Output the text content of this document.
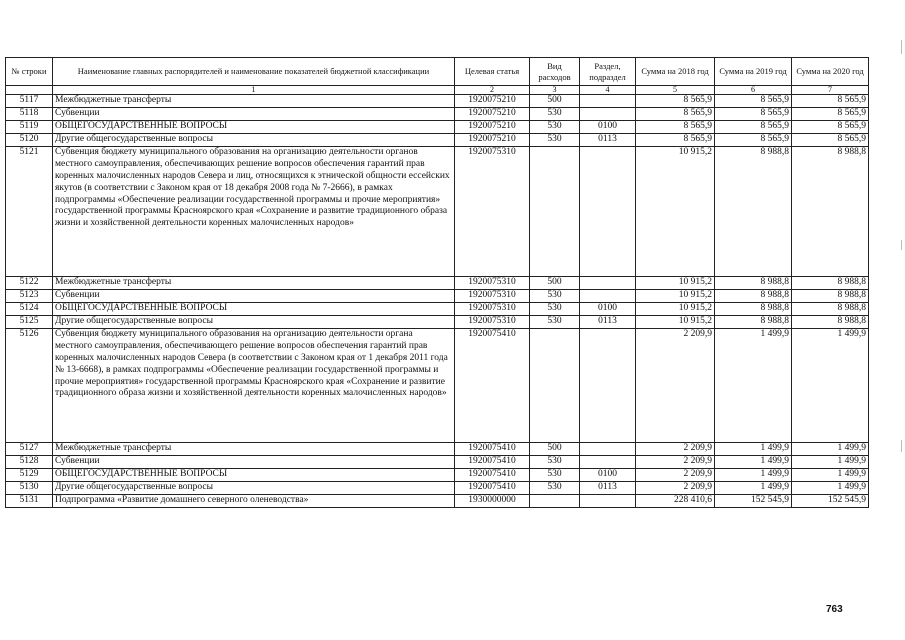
№ строки	Наименование главных распорядителей и наименование показателей бюджетной классификации	Целевая статья	Вид расходов	Раздел, подраздел	Сумма на 2018 год	Сумма на 2019 год	Сумма на 2020 год
	1	2	3	4	5	6	7
5117	Межбюджетные трансферты	1920075210	500		8 565,9	8 565,9	8 565,9
5118	Субвенции	1920075210	530		8 565,9	8 565,9	8 565,9
5119	ОБЩЕГОСУДАРСТВЕННЫЕ ВОПРОСЫ	1920075210	530	0100	8 565,9	8 565,9	8 565,9
5120	Другие общегосударственные вопросы	1920075210	530	0113	8 565,9	8 565,9	8 565,9
5121	Субвенция бюджету муниципального образования на организацию деятельности органов местного самоуправления, обеспечивающих решение вопросов обеспечения гарантий прав коренных малочисленных народов Севера и лиц, относящихся к этнической общности ессейских якутов (в соответствии с Законом края от 18 декабря 2008 года № 7-2666), в рамках подпрограммы «Обеспечение реализации государственной программы и прочие мероприятия» государственной программы Красноярского края «Сохранение и развитие традиционного образа жизни и хозяйственной деятельности коренных малочисленных народов»	1920075310			10 915,2	8 988,8	8 988,8
5122	Межбюджетные трансферты	1920075310	500		10 915,2	8 988,8	8 988,8
5123	Субвенции	1920075310	530		10 915,2	8 988,8	8 988,8
5124	ОБЩЕГОСУДАРСТВЕННЫЕ ВОПРОСЫ	1920075310	530	0100	10 915,2	8 988,8	8 988,8
5125	Другие общегосударственные вопросы	1920075310	530	0113	10 915,2	8 988,8	8 988,8
5126	Субвенция бюджету муниципального образования на организацию деятельности органа местного самоуправления, обеспечивающего решение вопросов обеспечения гарантий прав коренных малочисленных народов Севера (в соответствии с Законом края от 1 декабря 2011 года № 13-6668), в рамках подпрограммы «Обеспечение реализации государственной программы и прочие мероприятия» государственной программы Красноярского края «Сохранение и развитие традиционного образа жизни и хозяйственной деятельности коренных малочисленных народов»	1920075410			2 209,9	1 499,9	1 499,9
5127	Межбюджетные трансферты	1920075410	500		2 209,9	1 499,9	1 499,9
5128	Субвенции	1920075410	530		2 209,9	1 499,9	1 499,9
5129	ОБЩЕГОСУДАРСТВЕННЫЕ ВОПРОСЫ	1920075410	530	0100	2 209,9	1 499,9	1 499,9
5130	Другие общегосударственные вопросы	1920075410	530	0113	2 209,9	1 499,9	1 499,9
5131	Подпрограмма «Развитие домашнего северного оленеводства»	1930000000			228 410,6	152 545,9	152 545,9
763
